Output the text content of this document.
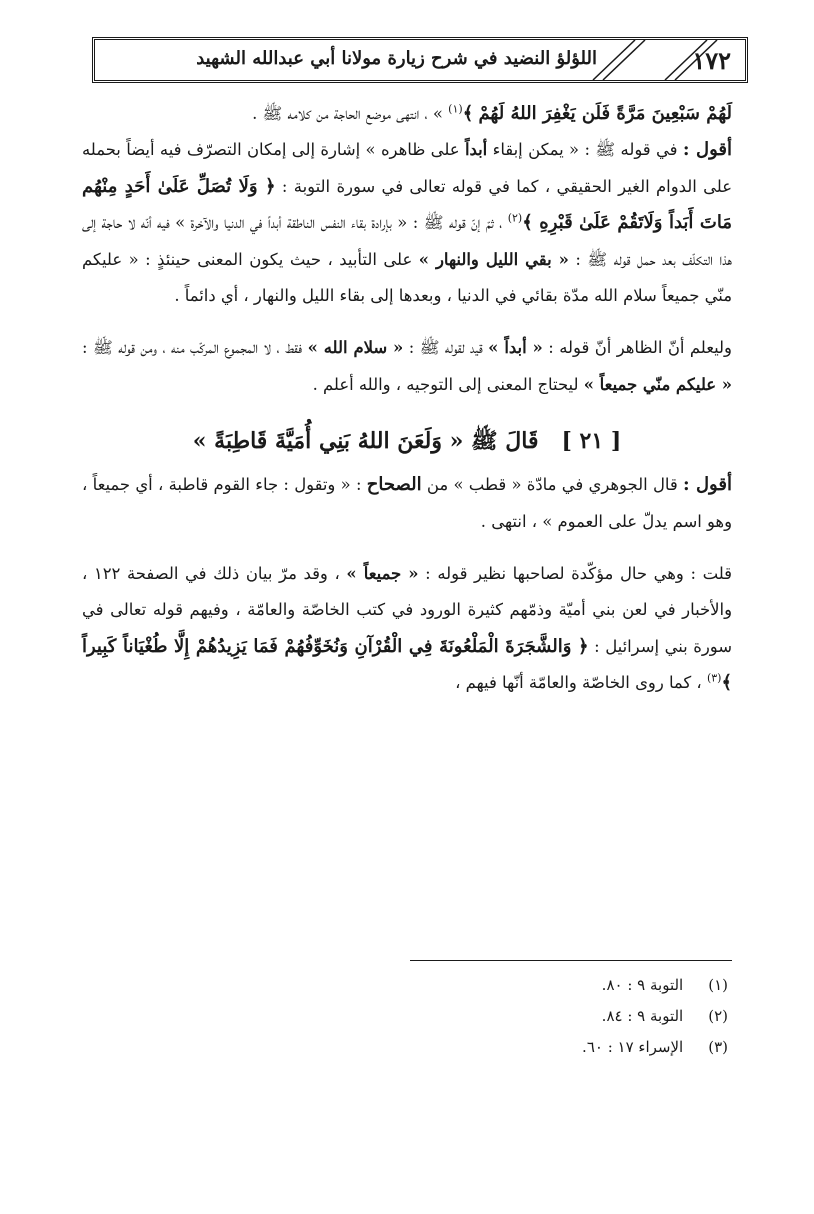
١٧٢
اللؤلؤ النضيد في شرح زيارة مولانا أبي عبدالله الشهيد

لَهُمْ سَبْعِينَ مَرَّةً فَلَن يَغْفِرَ اللهُ لَهُمْ ﴾$^{(١)}$ » ، انتهى موضع الحاجة من كلامه ﷺ .

أقول : في قوله ﷺ : « يمكن إبقاء أبداً على ظاهره » إشارة إلى إمكان التصرّف فيه أيضاً بحمله على الدوام الغير الحقيقي ، كما في قوله تعالى في سورة التوبة : ﴿ وَلَا تُصَلِّ عَلَىٰ أَحَدٍ مِنْهُم مَاتَ أَبَداً وَلَاتَقُمْ عَلَىٰ قَبْرِهِ ﴾$^{(٢)}$ ، ثمّ إنّ قوله ﷺ : « بإرادة بقاء النفس الناطقة أبداً في الدنيا والآخرة » فيه أنّه لا حاجة إلى هذا التكلّف بعد حمل قوله ﷺ : « بقي الليل والنهار » على التأبيد ، حيث يكون المعنى حينئذٍ : « عليكم منّي جميعاً سلام الله مدّة بقائي في الدنيا ، وبعدها إلى بقاء الليل والنهار ، أي دائماً .

وليعلم أنّ الظاهر أنّ قوله : « أبداً » قيد لقوله ﷺ : « سلام الله » فقط ، لا المجموع المركّب منه ، ومن قوله ﷺ : « عليكم منّي جميعاً » ليحتاج المعنى إلى التوجيه ، والله أعلم .

[ ٢١ ]   قَالَ ﷺ « وَلَعَنَ اللهُ بَنِي أُمَيَّةَ قَاطِبَةً »

أقول : قال الجوهري في مادّة « قطب » من الصحاح : « وتقول : جاء القوم قاطبة ، أي جميعاً ، وهو اسم يدلّ على العموم » ، انتهى .

قلت : وهي حال مؤكّدة لصاحبها نظير قوله : « جميعاً » ، وقد مرّ بيان ذلك في الصفحة ١٢٢ ، والأخبار في لعن بني أميّة وذمّهم كثيرة الورود في كتب الخاصّة والعامّة ، وفيهم قوله تعالى في سورة بني إسرائيل : ﴿ وَالشَّجَرَةَ الْمَلْعُونَةَ فِي الْقُرْآنِ وَنُخَوِّفُهُمْ فَمَا يَزِيدُهُمْ إِلَّا طُغْيَاناً كَبِيراً ﴾$^{(٣)}$ ، كما روى الخاصّة والعامّة أنّها فيهم ،

(١) التوبة ٩ : ٨٠.
(٢) التوبة ٩ : ٨٤.
(٣) الإسراء ١٧ : ٦٠.
